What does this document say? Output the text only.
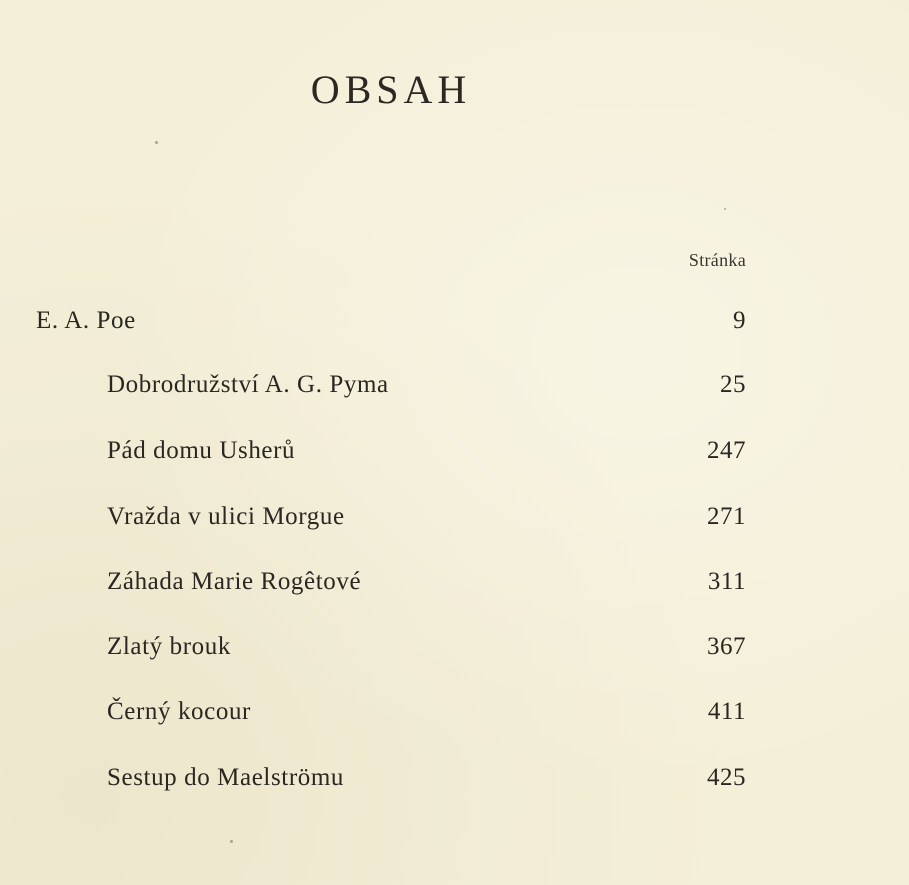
OBSAH
Stránka
E. A. Poe	9
Dobrodružství A. G. Pyma	25
Pád domu Usherů	247
Vražda v ulici Morgue	271
Záhada Marie Rogêtové	311
Zlatý brouk	367
Černý kocour	411
Sestup do Maelströmu	425
